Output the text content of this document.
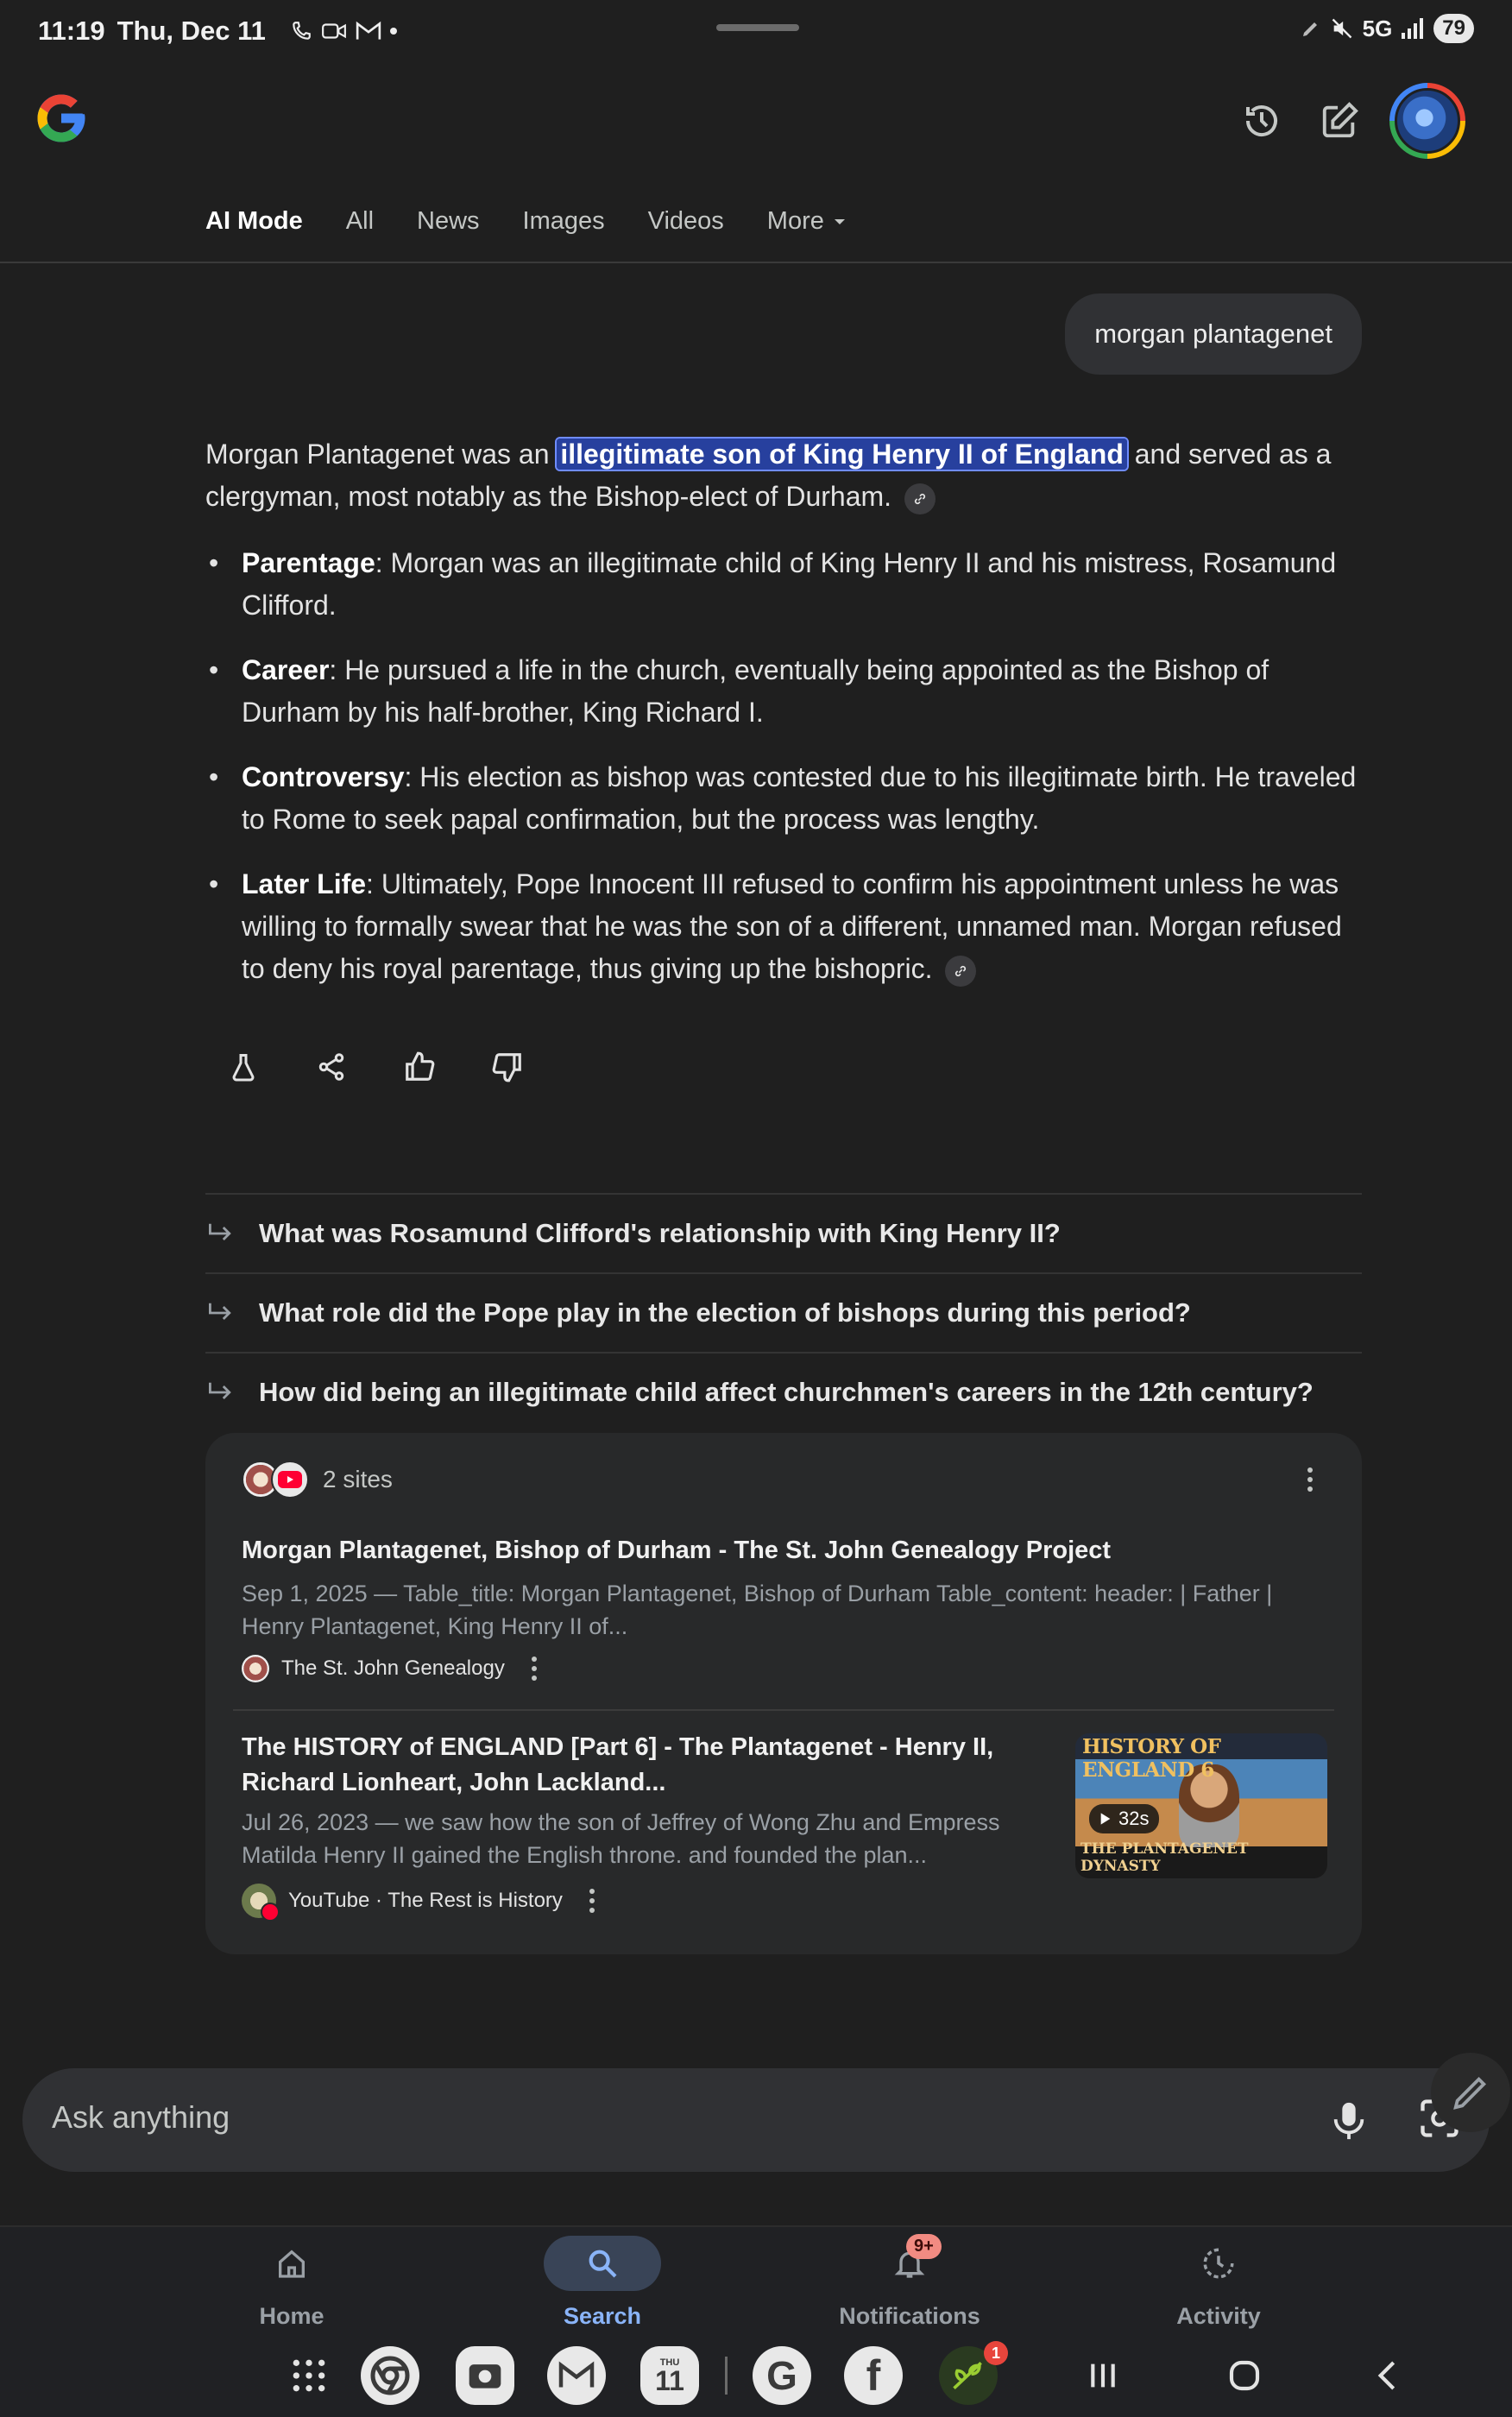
11:19 Thu, Dec 11	5G	79
AI Mode All News Images Videos More
morgan plantagenet
Morgan Plantagenet was an illegitimate son of King Henry II of England and served as a clergyman, most notably as the Bishop-elect of Durham.
• Parentage: Morgan was an illegitimate child of King Henry II and his mistress, Rosamund Clifford.
• Career: He pursued a life in the church, eventually being appointed as the Bishop of Durham by his half-brother, King Richard I.
• Controversy: His election as bishop was contested due to his illegitimate birth. He traveled to Rome to seek papal confirmation, but the process was lengthy.
• Later Life: Ultimately, Pope Innocent III refused to confirm his appointment unless he was willing to formally swear that he was the son of a different, unnamed man. Morgan refused to deny his royal parentage, thus giving up the bishopric.
What was Rosamund Clifford's relationship with King Henry II?
What role did the Pope play in the election of bishops during this period?
How did being an illegitimate child affect churchmen's careers in the 12th century?
2 sites
Morgan Plantagenet, Bishop of Durham - The St. John Genealogy Project
Sep 1, 2025 — Table_title: Morgan Plantagenet, Bishop of Durham Table_content: header: | Father | Henry Plantagenet, King Henry II of...
The St. John Genealogy
The HISTORY of ENGLAND [Part 6] - The Plantagenet - Henry II, Richard Lionheart, John Lackland...
Jul 26, 2023 — we saw how the son of Jeffrey of Wong Zhu and Empress Matilda Henry II gained the English throne. and founded the plan...
YouTube · The Rest is History
HISTORY OF ENGLAND 6
32s
THE PLANTAGENET DYNASTY
Ask anything
Home	Search	Notifications
9+
Activity
THU
11 G f	1
